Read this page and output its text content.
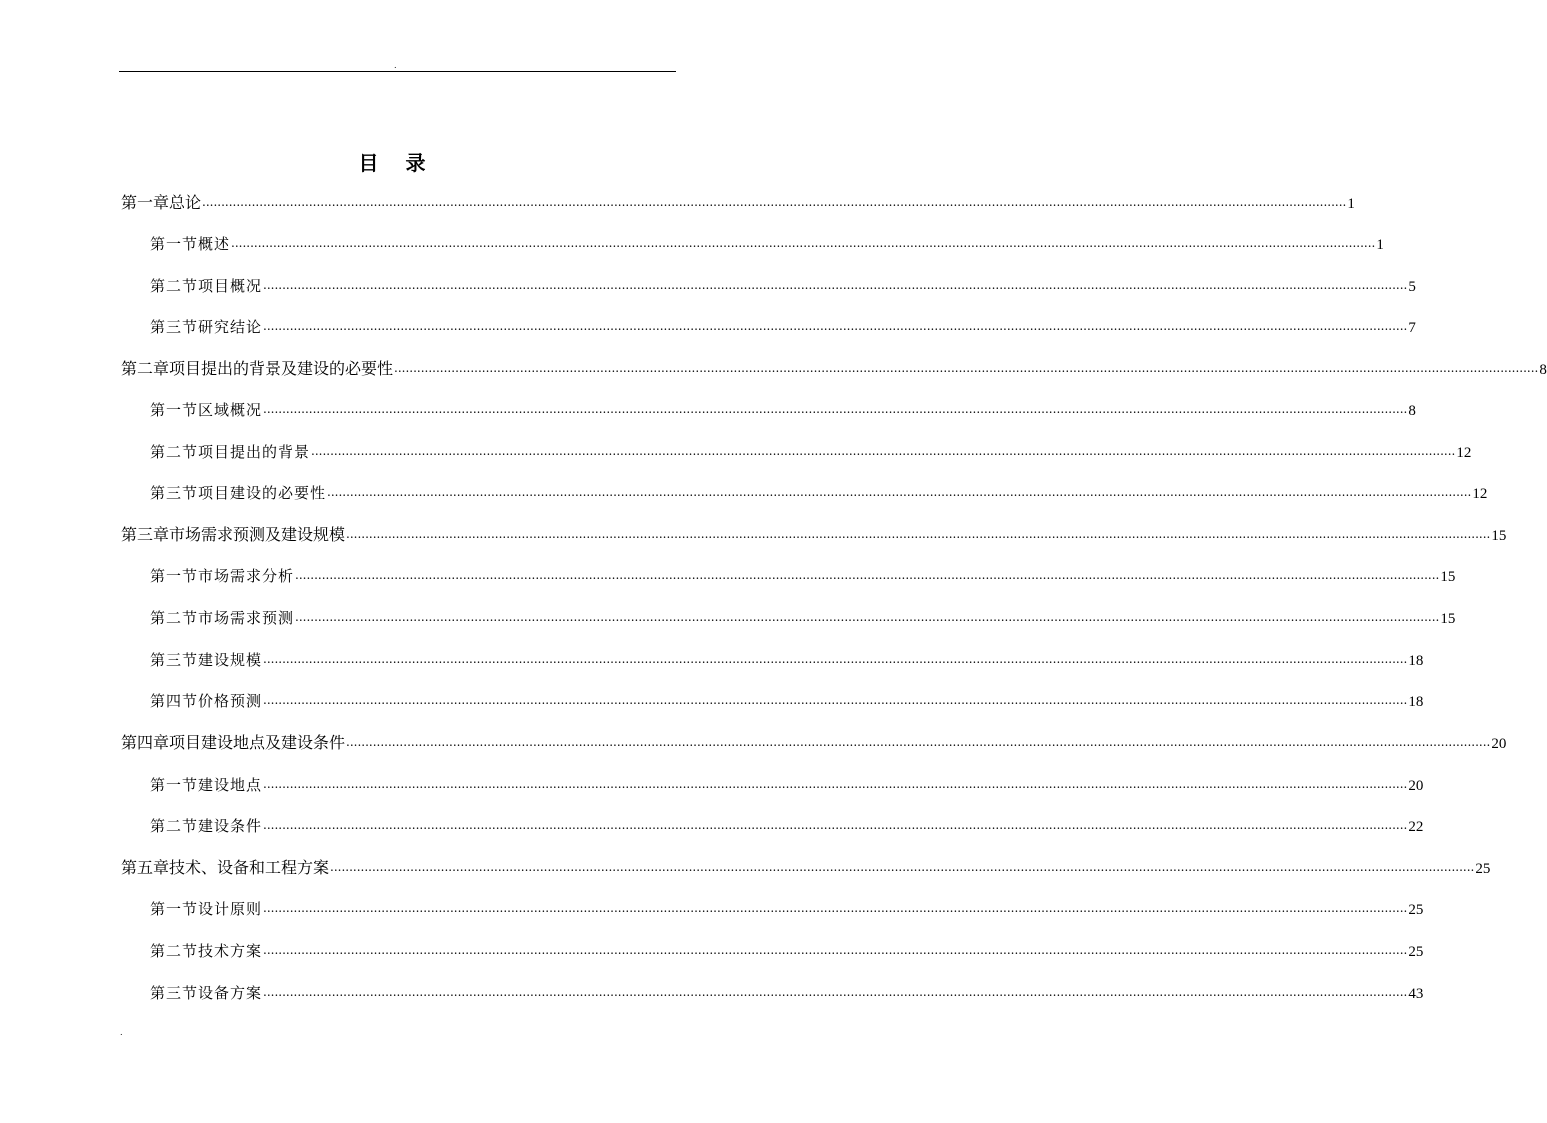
.
目 录
第一章 总论 ............................................................................................................................................................................................................................................................................................................ 1
第一节 概述 ............................................................................................................................................................................................................................................................................................................ 1
第二节 项目概况 ............................................................................................................................................................................................................................................................................................................ 5
第三节 研究结论 ............................................................................................................................................................................................................................................................................................................ 7
第二章 项目提出的背景及建设的必要性 ............................................................................................................................................................................................................................................................................................................ 8
第一节 区域概况 ............................................................................................................................................................................................................................................................................................................ 8
第二节 项目提出的背景 ............................................................................................................................................................................................................................................................................................................ 12
第三节 项目建设的必要性 ............................................................................................................................................................................................................................................................................................................ 12
第三章 市场需求预测及建设规模 ............................................................................................................................................................................................................................................................................................................ 15
第一节 市场需求分析 ............................................................................................................................................................................................................................................................................................................ 15
第二节 市场需求预测 ............................................................................................................................................................................................................................................................................................................ 15
第三节 建设规模 ............................................................................................................................................................................................................................................................................................................ 18
第四节 价格预测 ............................................................................................................................................................................................................................................................................................................ 18
第四章 项目建设地点及建设条件 ............................................................................................................................................................................................................................................................................................................ 20
第一节 建设地点 ............................................................................................................................................................................................................................................................................................................ 20
第二节 建设条件 ............................................................................................................................................................................................................................................................................................................ 22
第五章 技术、设备和工程方案 ............................................................................................................................................................................................................................................................................................................ 25
第一节 设计原则 ............................................................................................................................................................................................................................................................................................................ 25
第二节 技术方案 ............................................................................................................................................................................................................................................................................................................ 25
第三节 设备方案 ............................................................................................................................................................................................................................................................................................................ 43
.
